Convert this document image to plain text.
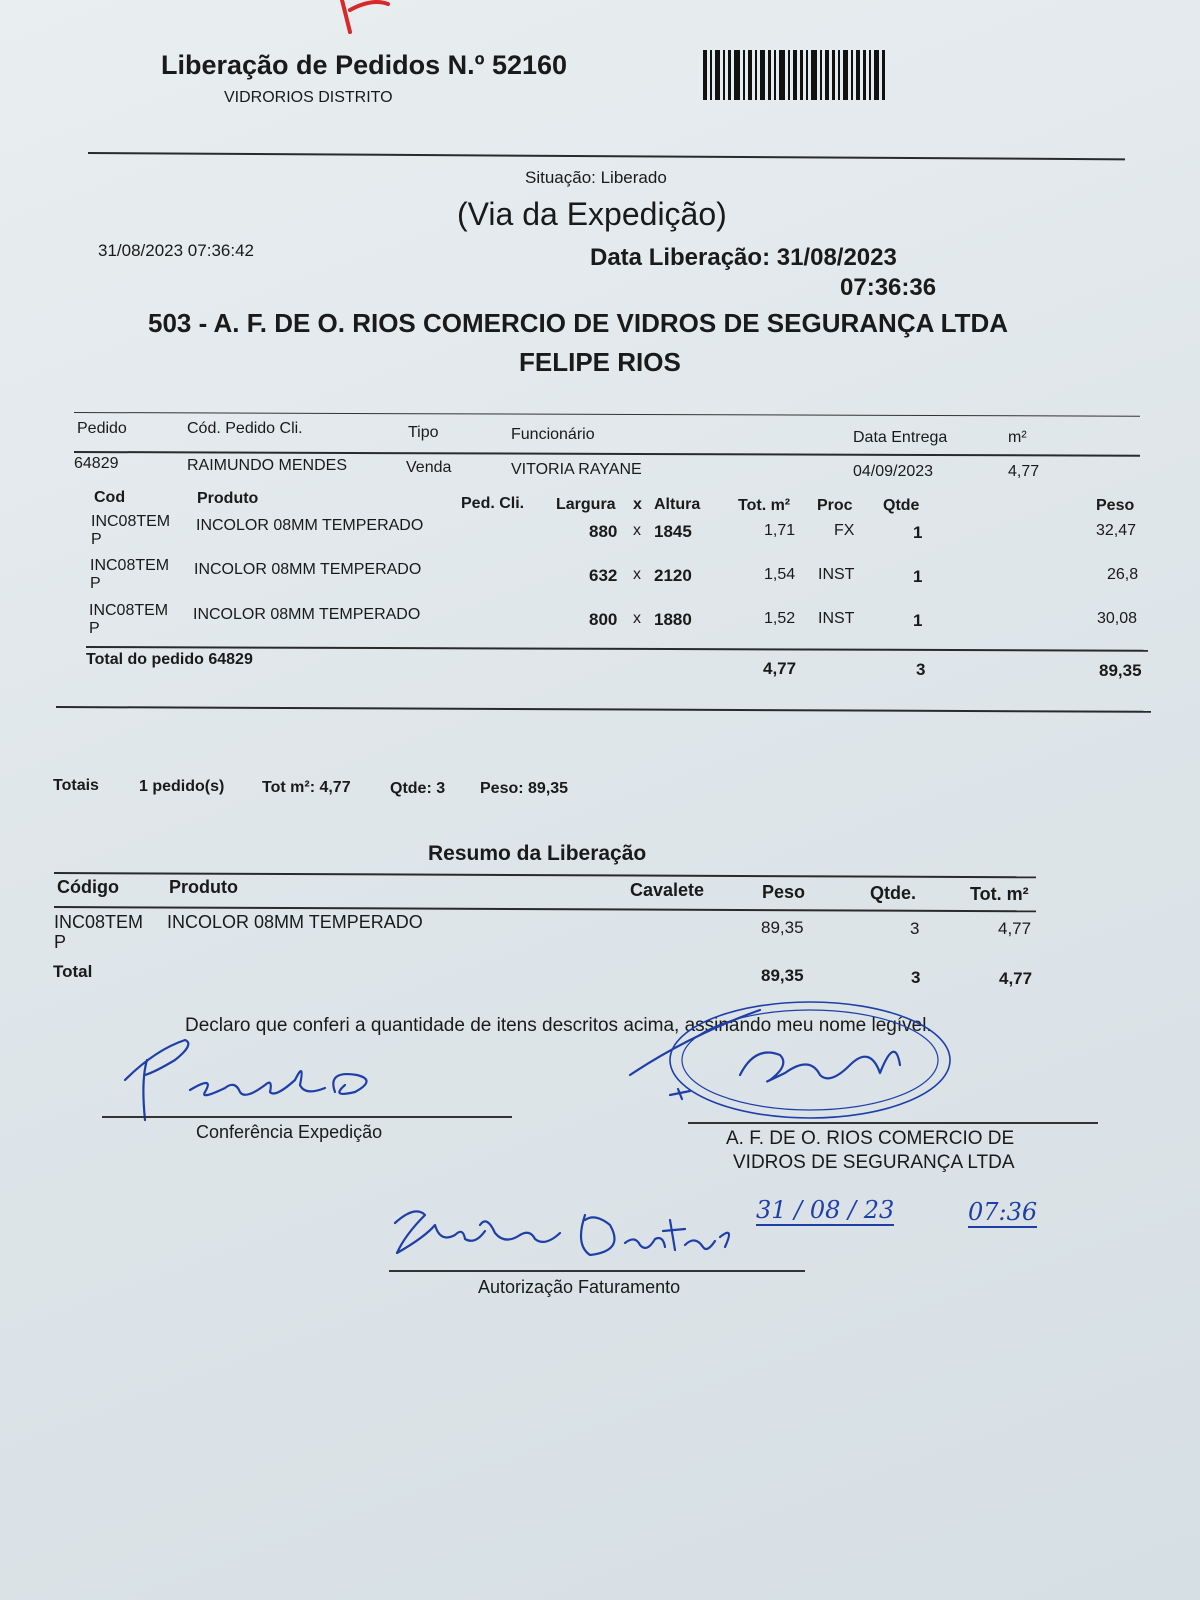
Liberação de Pedidos N.º 52160
VIDRORIOS DISTRITO
Situação: Liberado
(Via da Expedição)
31/08/2023 07:36:42	Data Liberação: 31/08/2023
07:36:36
503 - A. F. DE O. RIOS COMERCIO DE VIDROS DE SEGURANÇA LTDA
FELIPE RIOS
Pedido	Cód. Pedido Cli.	Tipo	Funcionário	Data Entrega	m²
64829	RAIMUNDO MENDES	Venda	VITORIA RAYANE	04/09/2023	4,77
Cod	Produto	Ped. Cli. Largura x Altura Tot. m² Proc Qtde	Peso
INC08TEM
P
INCOLOR 08MM TEMPERADO	880 x 1845	1,71 FX	1	32,47
INC08TEM
P
INCOLOR 08MM TEMPERADO	632 x 2120	1,54 INST	1	26,8
INC08TEM
P
INCOLOR 08MM TEMPERADO	800 x 1880	1,52 INST	1	30,08
Total do pedido 64829	4,77	3	89,35
Totais	1 pedido(s) Tot m²: 4,77 Qtde: 3 Peso: 89,35
Resumo da Liberação
Código	Produto	Cavalete	Peso	Qtde.	Tot. m²
INC08TEM
P
INCOLOR 08MM TEMPERADO	89,35	3	4,77
Total	89,35	3	4,77
Declaro que conferi a quantidade de itens descritos acima, assinando meu nome legível.
Conferência Expedição	A. F. DE O. RIOS COMERCIO DE
VIDROS DE SEGURANÇA LTDA
31 / 08 / 23	07:36
Autorização Faturamento
